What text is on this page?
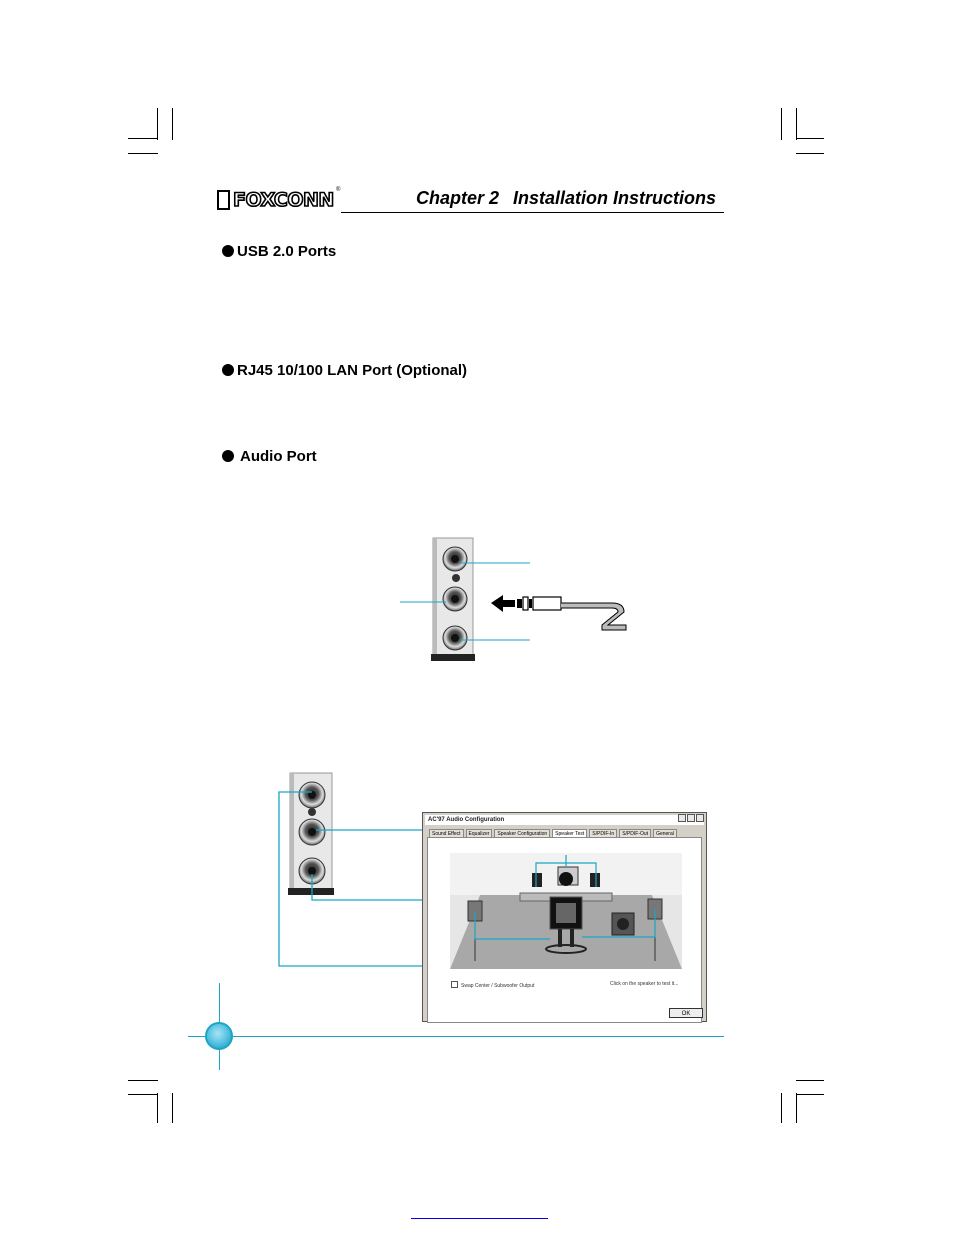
FOXCONN ®	Chapter 2 Installation Instructions
USB 2.0 Ports
RJ45 10/100 LAN Port (Optional)
Audio Port
AC'97 Audio Configuration
Sound Effect	Equalizer	Speaker Configuration	Speaker Test	S/PDIF-In	S/PDIF-Out	General
Swap Center / Subwoofer Output	Click on the speaker to test it...
OK
